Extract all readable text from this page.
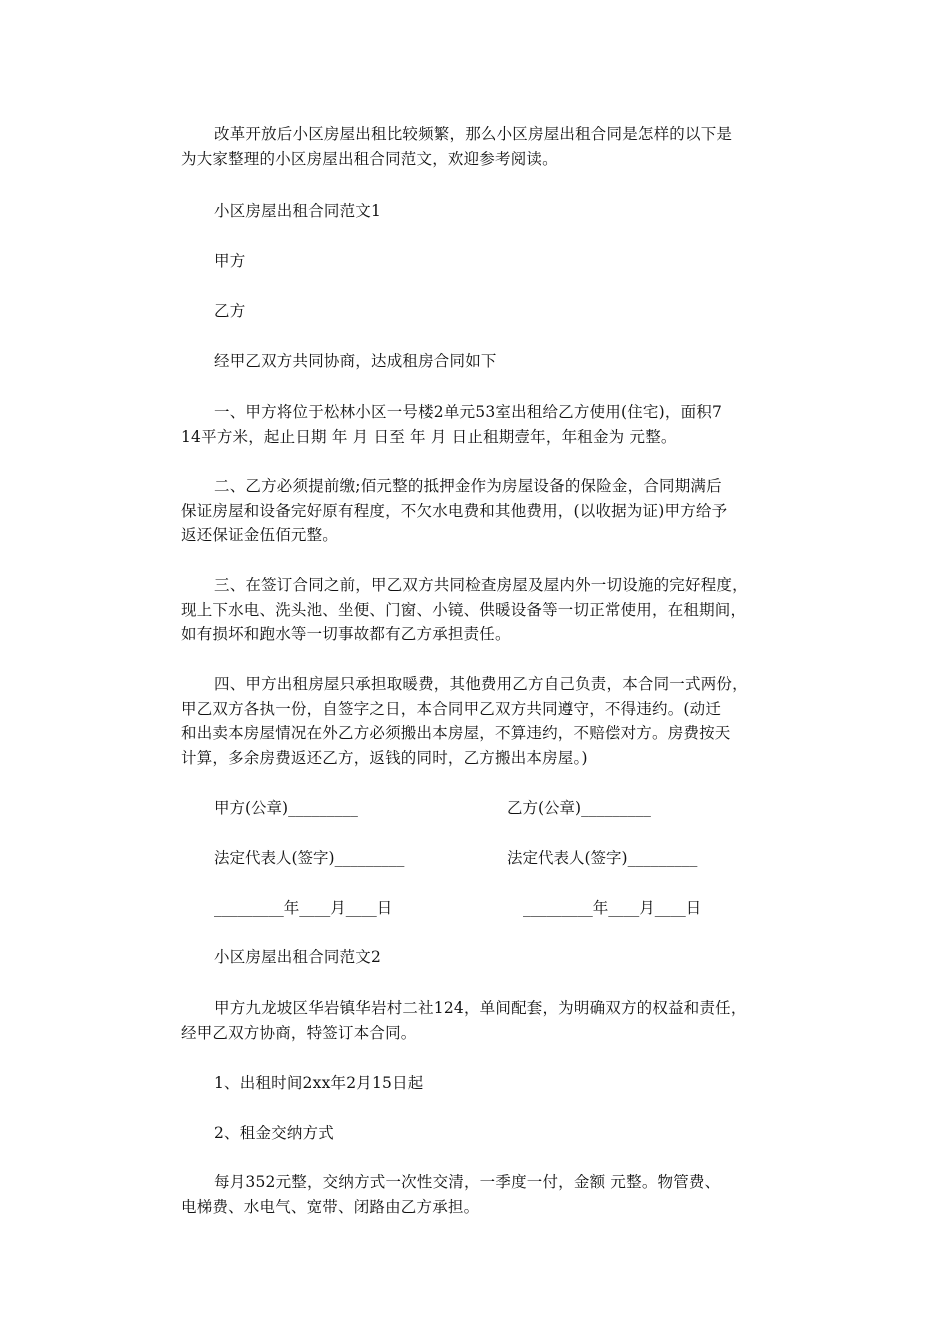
改革开放后小区房屋出租比较频繁，那么小区房屋出租合同是怎样的以下是
为大家整理的小区房屋出租合同范文，欢迎参考阅读。
小区房屋出租合同范文1
甲方
乙方
经甲乙双方共同协商，达成租房合同如下
一、甲方将位于松林小区一号楼2单元53室出租给乙方使用(住宅)，面积7
14平方米，起止日期 年 月 日至 年 月 日止租期壹年，年租金为 元整。
二、乙方必须提前缴;佰元整的抵押金作为房屋设备的保险金，合同期满后
保证房屋和设备完好原有程度，不欠水电费和其他费用，(以收据为证)甲方给予
返还保证金伍佰元整。
三、在签订合同之前，甲乙双方共同检查房屋及屋内外一切设施的完好程度，
现上下水电、洗头池、坐便、门窗、小镜、供暖设备等一切正常使用，在租期间，
如有损坏和跑水等一切事故都有乙方承担责任。
四、甲方出租房屋只承担取暖费，其他费用乙方自己负责，本合同一式两份，
甲乙双方各执一份，自签字之日，本合同甲乙双方共同遵守，不得违约。(动迁
和出卖本房屋情况在外乙方必须搬出本房屋，不算违约，不赔偿对方。房费按天
计算，多余房费返还乙方，返钱的同时，乙方搬出本房屋。)
甲方(公章)_________	乙方(公章)_________
法定代表人(签字)_________	法定代表人(签字)_________
_________年____月____日	_________年____月____日
小区房屋出租合同范文2
甲方九龙坡区华岩镇华岩村二社124，单间配套，为明确双方的权益和责任，
经甲乙双方协商，特签订本合同。
1、出租时间2xx年2月15日起
2、租金交纳方式
每月352元整，交纳方式一次性交清，一季度一付，金额 元整。物管费、
电梯费、水电气、宽带、闭路由乙方承担。
